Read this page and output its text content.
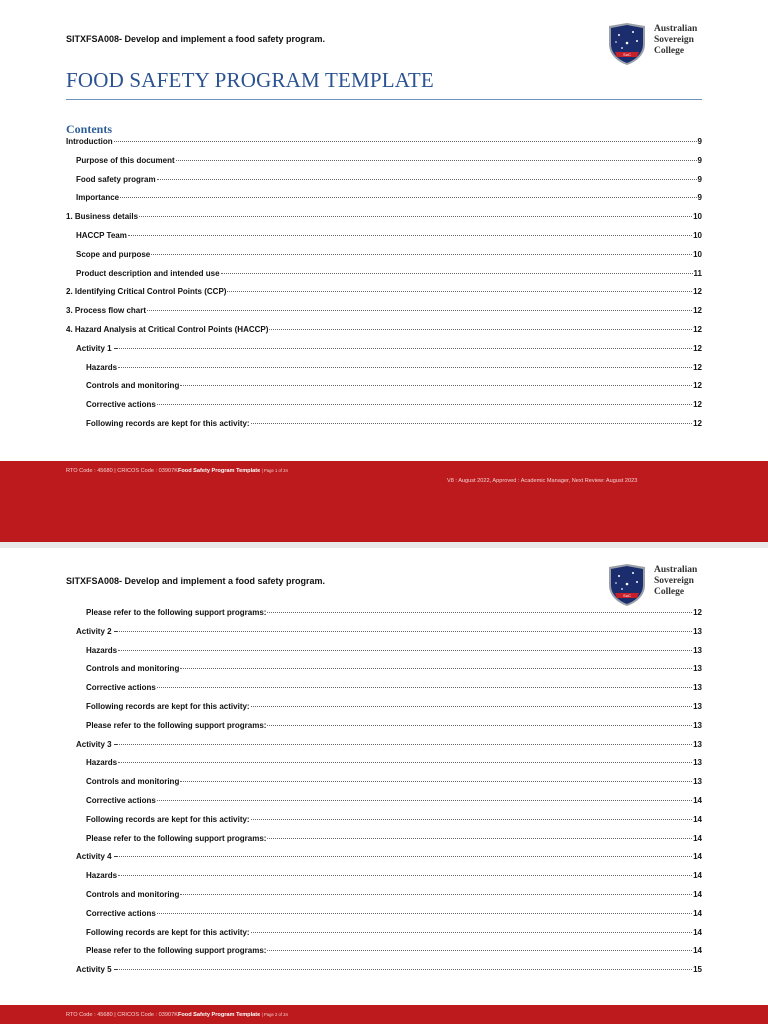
SITXFSA008- Develop and implement a food safety program.
SoC
Australian
Sovereign
College
FOOD SAFETY PROGRAM TEMPLATE
Contents
Introduction	9
Purpose of this document	9
Food safety program	9
Importance	9
1. Business details	10
HACCP Team	10
Scope and purpose	10
Product description and intended use	11
2. Identifying Critical Control Points (CCP)	12
3. Process flow chart	12
4. Hazard Analysis at Critical Control Points (HACCP)	12
Activity 1 –	12
Hazards	12
Controls and monitoring	12
Corrective actions	12
Following records are kept for this activity:	12
RTO Code : 45680 | CRICOS Code : 03907KFood Safety Program Template | Page 1 of 34
V8 : August 2022, Approved : Academic Manager, Next Review: August 2023
SITXFSA008- Develop and implement a food safety program.
SoC
Australian
Sovereign
College
Please refer to the following support programs:	12
Activity 2 –	13
Hazards	13
Controls and monitoring	13
Corrective actions	13
Following records are kept for this activity:	13
Please refer to the following support programs:	13
Activity 3 –	13
Hazards	13
Controls and monitoring	13
Corrective actions	14
Following records are kept for this activity:	14
Please refer to the following support programs:	14
Activity 4 –	14
Hazards	14
Controls and monitoring	14
Corrective actions	14
Following records are kept for this activity:	14
Please refer to the following support programs:	14
Activity 5 –	15
RTO Code : 45680 | CRICOS Code : 03907KFood Safety Program Template | Page 2 of 34
